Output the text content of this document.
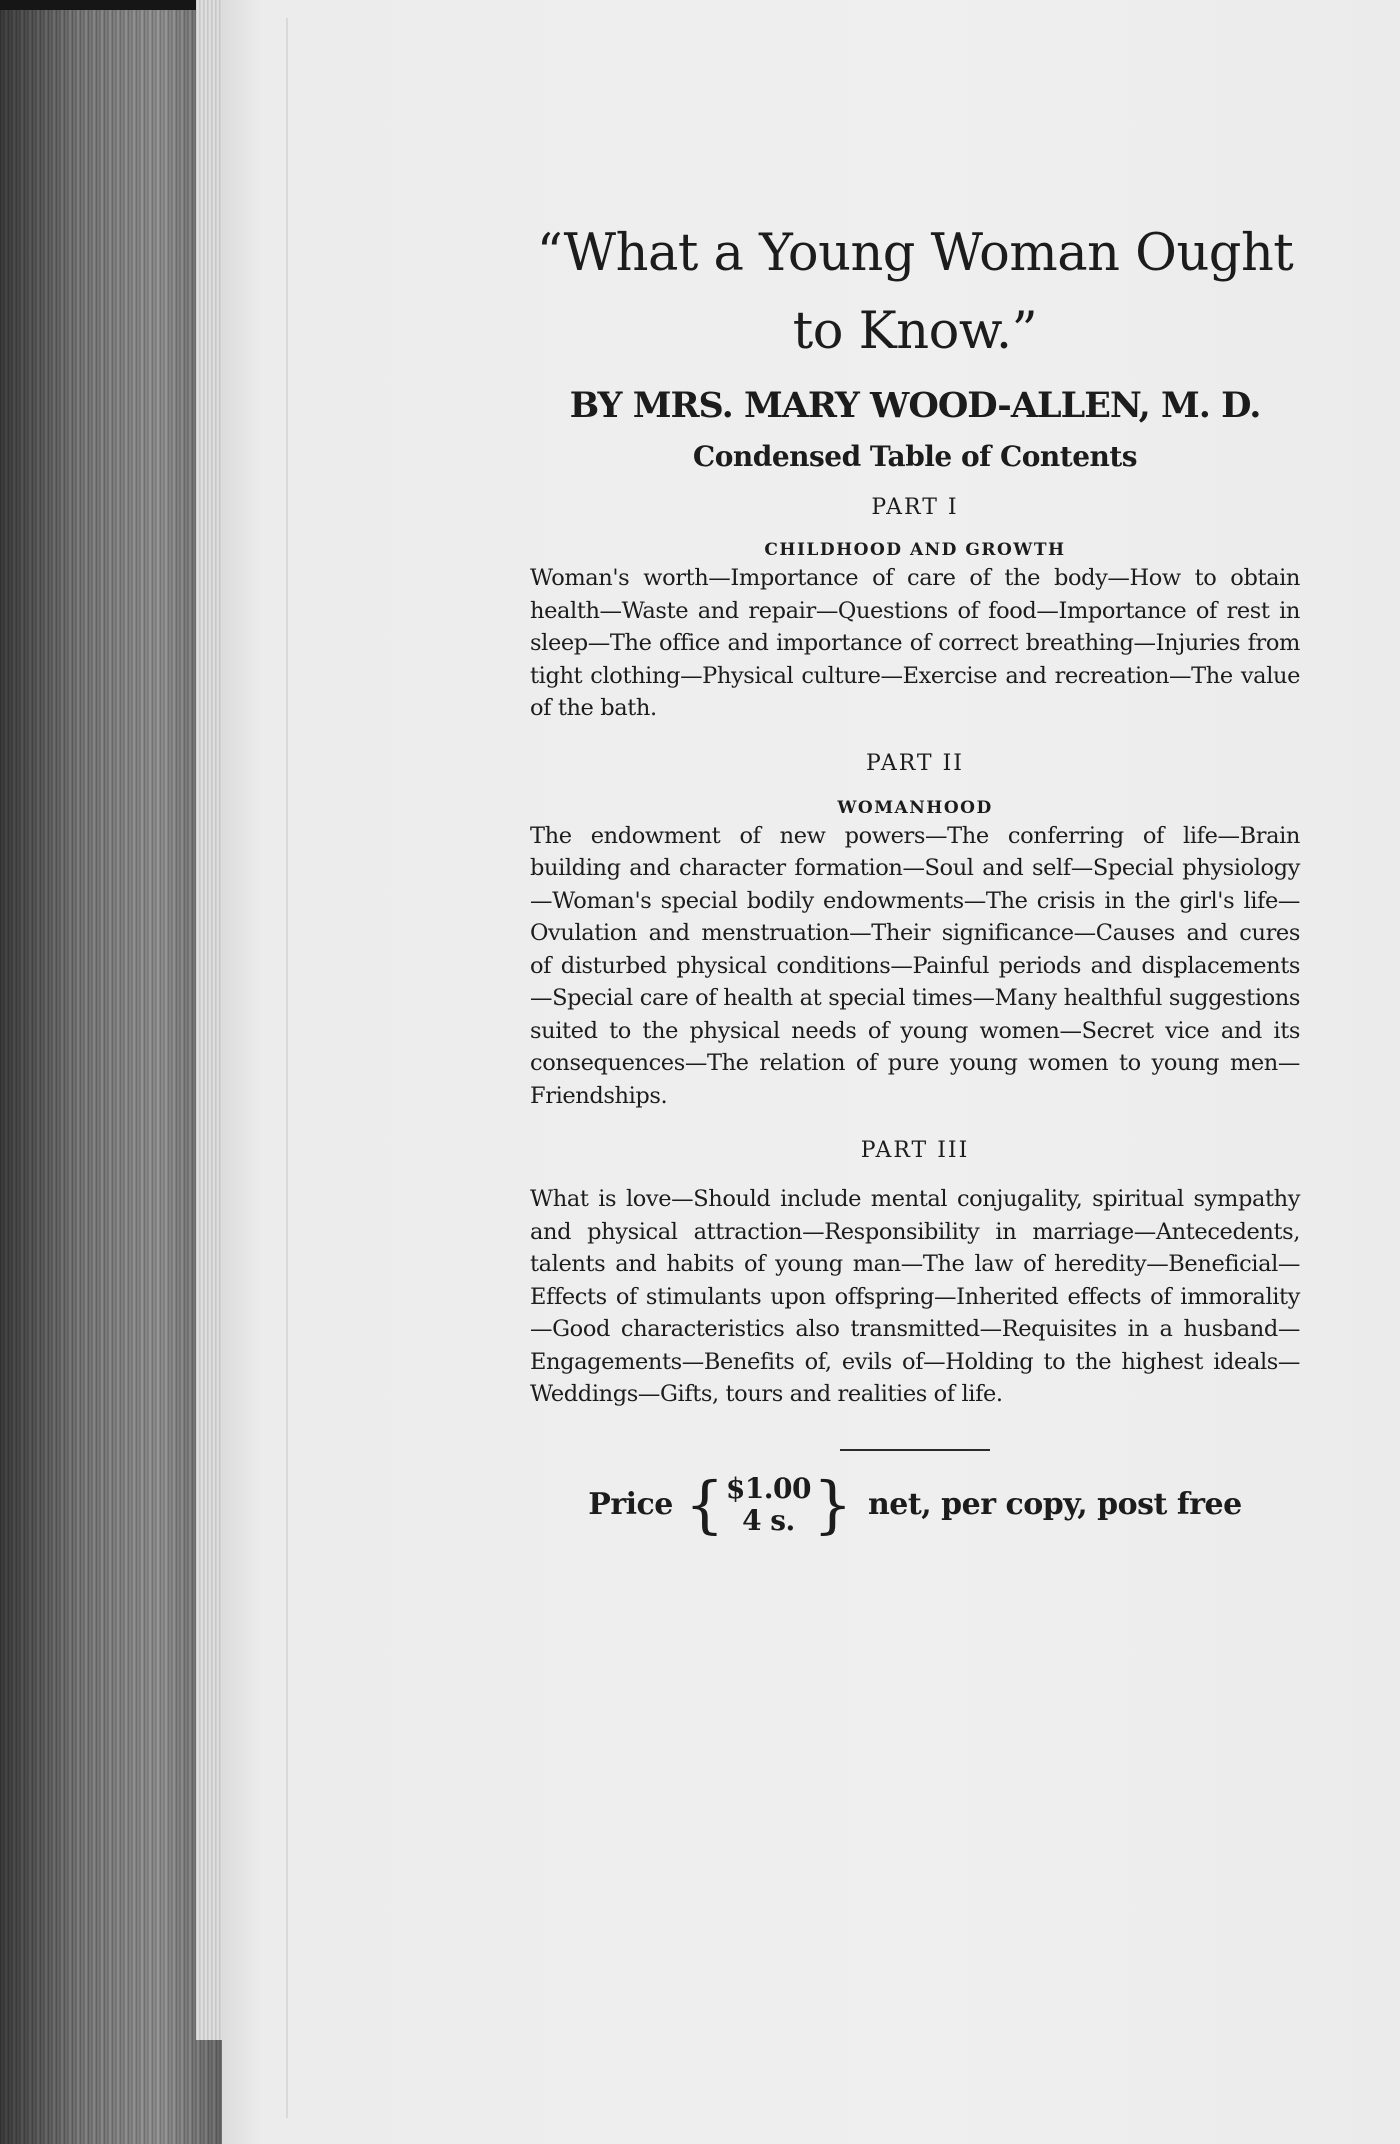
“What a Young Woman Ought
to Know.”

BY MRS. MARY WOOD-ALLEN, M. D.

Condensed Table of Contents

PART I

CHILDHOOD AND GROWTH

Woman's worth—Importance of care of the body—How to obtain health—Waste and repair—Questions of food—Importance of rest in sleep—The office and importance of correct breathing—Injuries from tight clothing—Physical culture—Exercise and recreation—The value of the bath.

PART II

WOMANHOOD

The endowment of new powers—The conferring of life—Brain building and character formation—Soul and self—Special physiology—Woman's special bodily endowments—The crisis in the girl's life—Ovulation and menstruation—Their significance—Causes and cures of disturbed physical conditions—Painful periods and displacements—Special care of health at special times—Many healthful suggestions suited to the physical needs of young women—Secret vice and its consequences—The relation of pure young women to young men—Friendships.

PART III

What is love—Should include mental conjugality, spiritual sympathy and physical attraction—Responsibility in marriage—Antecedents, talents and habits of young man—The law of heredity—Beneficial—Effects of stimulants upon offspring—Inherited effects of immorality—Good characteristics also transmitted—Requisites in a husband—Engagements—Benefits of, evils of—Holding to the highest ideals—Weddings—Gifts, tours and realities of life.

Price { $1.00
4 s. } net, per copy, post free
